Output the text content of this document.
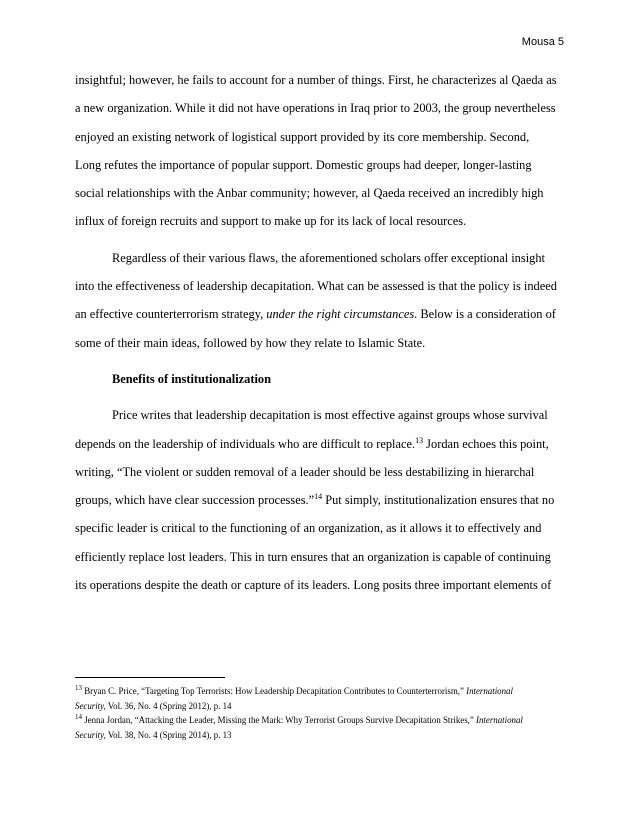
Mousa 5
insightful; however, he fails to account for a number of things. First, he characterizes al Qaeda as
a new organization. While it did not have operations in Iraq prior to 2003, the group nevertheless
enjoyed an existing network of logistical support provided by its core membership. Second,
Long refutes the importance of popular support. Domestic groups had deeper, longer-lasting
social relationships with the Anbar community; however, al Qaeda received an incredibly high
influx of foreign recruits and support to make up for its lack of local resources.
Regardless of their various flaws, the aforementioned scholars offer exceptional insight
into the effectiveness of leadership decapitation. What can be assessed is that the policy is indeed
an effective counterterrorism strategy, under the right circumstances. Below is a consideration of
some of their main ideas, followed by how they relate to Islamic State.
Benefits of institutionalization
Price writes that leadership decapitation is most effective against groups whose survival
depends on the leadership of individuals who are difficult to replace.$^{13}$ Jordan echoes this point,
writing, “The violent or sudden removal of a leader should be less destabilizing in hierarchal
groups, which have clear succession processes.”$^{14}$ Put simply, institutionalization ensures that no
specific leader is critical to the functioning of an organization, as it allows it to effectively and
efficiently replace lost leaders. This in turn ensures that an organization is capable of continuing
its operations despite the death or capture of its leaders. Long posits three important elements of
$^{13}$ Bryan C. Price, “Targeting Top Terrorists: How Leadership Decapitation Contributes to Counterterrorism,” International
Security, Vol. 36, No. 4 (Spring 2012), p. 14
$^{14}$ Jenna Jordan, “Attacking the Leader, Missing the Mark: Why Terrorist Groups Survive Decapitation Strikes,” International
Security, Vol. 38, No. 4 (Spring 2014), p. 13
